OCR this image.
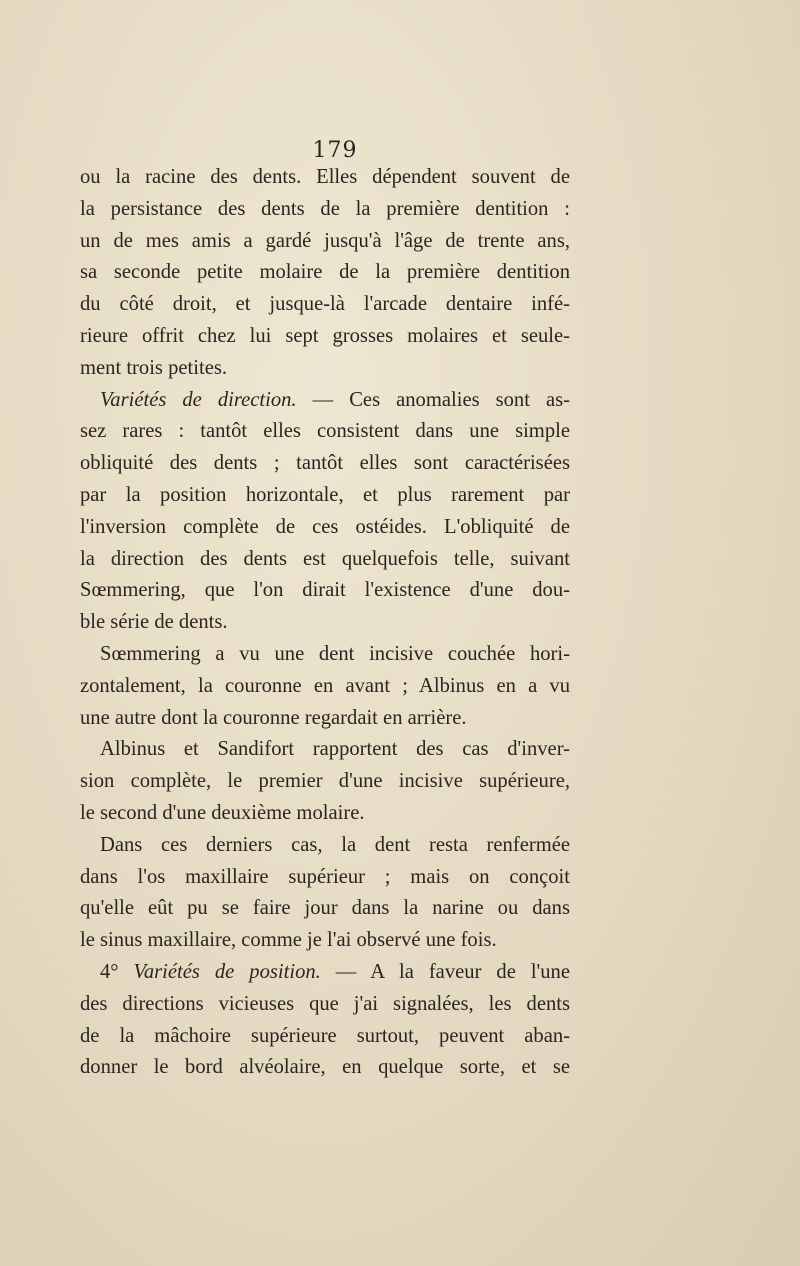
179
ou la racine des dents. Elles dépendent souvent de
la persistance des dents de la première dentition :
un de mes amis a gardé jusqu'à l'âge de trente ans,
sa seconde petite molaire de la première dentition
du côté droit, et jusque-là l'arcade dentaire infé-
rieure offrit chez lui sept grosses molaires et seule-
ment trois petites.
Variétés de direction. — Ces anomalies sont as-
sez rares : tantôt elles consistent dans une simple
obliquité des dents ; tantôt elles sont caractérisées
par la position horizontale, et plus rarement par
l'inversion complète de ces ostéides. L'obliquité de
la direction des dents est quelquefois telle, suivant
Sœmmering, que l'on dirait l'existence d'une dou-
ble série de dents.
Sœmmering a vu une dent incisive couchée hori-
zontalement, la couronne en avant ; Albinus en a vu
une autre dont la couronne regardait en arrière.
Albinus et Sandifort rapportent des cas d'inver-
sion complète, le premier d'une incisive supérieure,
le second d'une deuxième molaire.
Dans ces derniers cas, la dent resta renfermée
dans l'os maxillaire supérieur ; mais on conçoit
qu'elle eût pu se faire jour dans la narine ou dans
le sinus maxillaire, comme je l'ai observé une fois.
4° Variétés de position. — A la faveur de l'une
des directions vicieuses que j'ai signalées, les dents
de la mâchoire supérieure surtout, peuvent aban-
donner le bord alvéolaire, en quelque sorte, et se
